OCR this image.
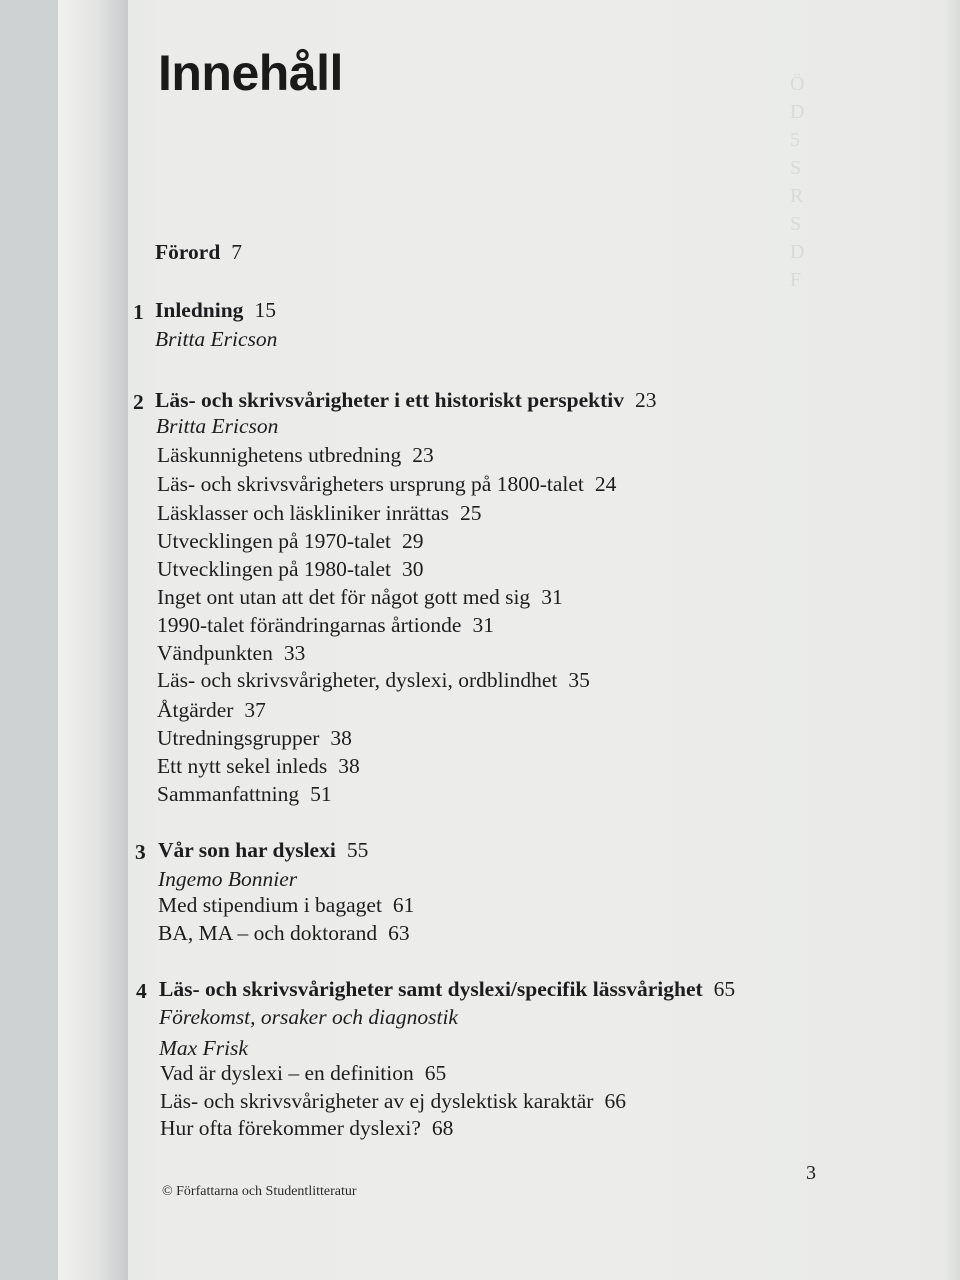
Ö
D
5
S
R
S
D
F
Innehåll
Förord 7
1 Inledning 15
Britta Ericson
2 Läs- och skrivsvårigheter i ett historiskt perspektiv 23
Britta Ericson
Läskunnighetens utbredning 23
Läs- och skrivsvårigheters ursprung på 1800-talet 24
Läsklasser och läskliniker inrättas 25
Utvecklingen på 1970-talet 29
Utvecklingen på 1980-talet 30
Inget ont utan att det för något gott med sig 31
1990-talet förändringarnas årtionde 31
Vändpunkten 33
Läs- och skrivsvårigheter, dyslexi, ordblindhet 35
Åtgärder 37
Utredningsgrupper 38
Ett nytt sekel inleds 38
Sammanfattning 51
3 Vår son har dyslexi 55
Ingemo Bonnier
Med stipendium i bagaget 61
BA, MA – och doktorand 63
4 Läs- och skrivsvårigheter samt dyslexi/specifik lässvårighet 65
Förekomst, orsaker och diagnostik
Max Frisk
Vad är dyslexi – en definition 65
Läs- och skrivsvårigheter av ej dyslektisk karaktär 66
Hur ofta förekommer dyslexi? 68
3
© Författarna och Studentlitteratur
